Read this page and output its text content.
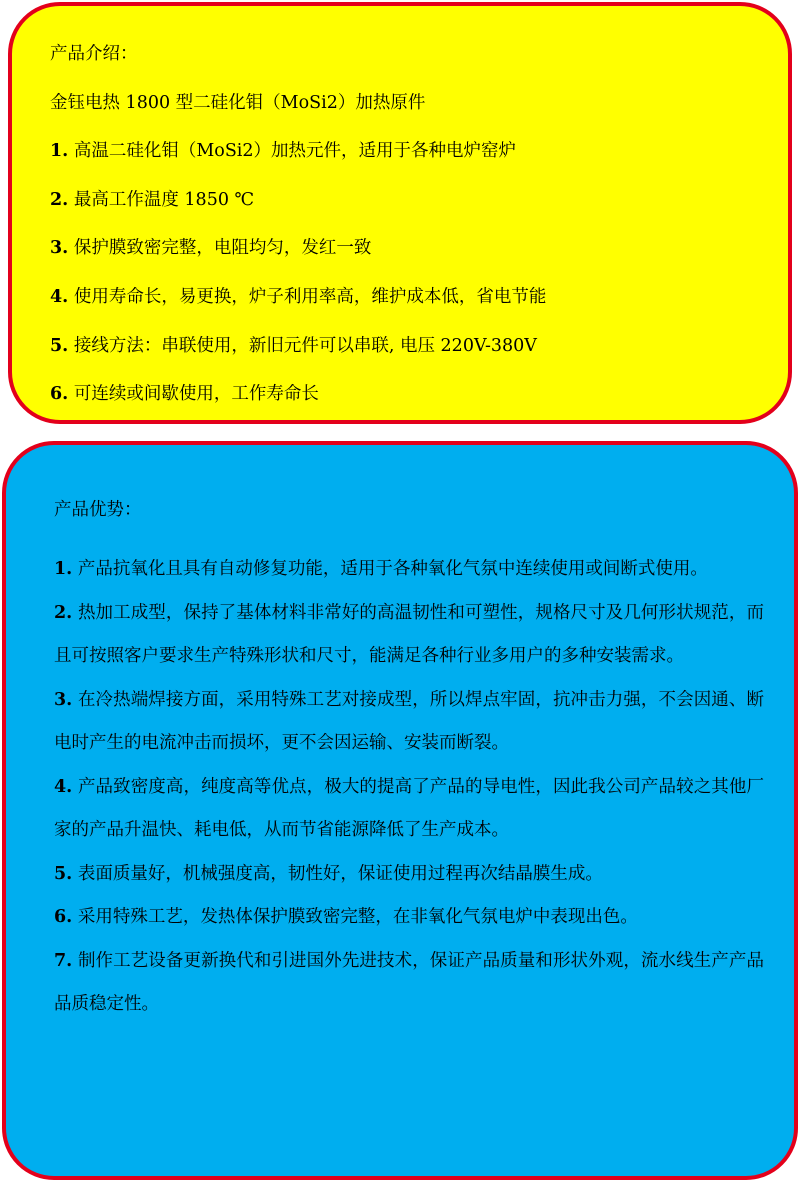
产品介绍：

金钰电热 1800 型二硅化钼（MoSi2）加热原件

1. 高温二硅化钼（MoSi2）加热元件，适用于各种电炉窑炉

2. 最高工作温度 1850 ℃

3. 保护膜致密完整，电阻均匀，发红一致

4. 使用寿命长，易更换，炉子利用率高，维护成本低，省电节能

5. 接线方法：串联使用，新旧元件可以串联, 电压 220V-380V

6. 可连续或间歇使用，工作寿命长

产品优势：

1. 产品抗氧化且具有自动修复功能，适用于各种氧化气氛中连续使用或间断式使用。

2. 热加工成型，保持了基体材料非常好的高温韧性和可塑性，规格尺寸及几何形状规范，而且可按照客户要求生产特殊形状和尺寸，能满足各种行业多用户的多种安装需求。

3. 在冷热端焊接方面，采用特殊工艺对接成型，所以焊点牢固，抗冲击力强，不会因通、断电时产生的电流冲击而损坏，更不会因运输、安装而断裂。

4. 产品致密度高，纯度高等优点，极大的提高了产品的导电性，因此我公司产品较之其他厂家的产品升温快、耗电低，从而节省能源降低了生产成本。

5. 表面质量好，机械强度高，韧性好，保证使用过程再次结晶膜生成。

6. 采用特殊工艺，发热体保护膜致密完整，在非氧化气氛电炉中表现出色。

7. 制作工艺设备更新换代和引进国外先进技术，保证产品质量和形状外观，流水线生产产品品质稳定性。
